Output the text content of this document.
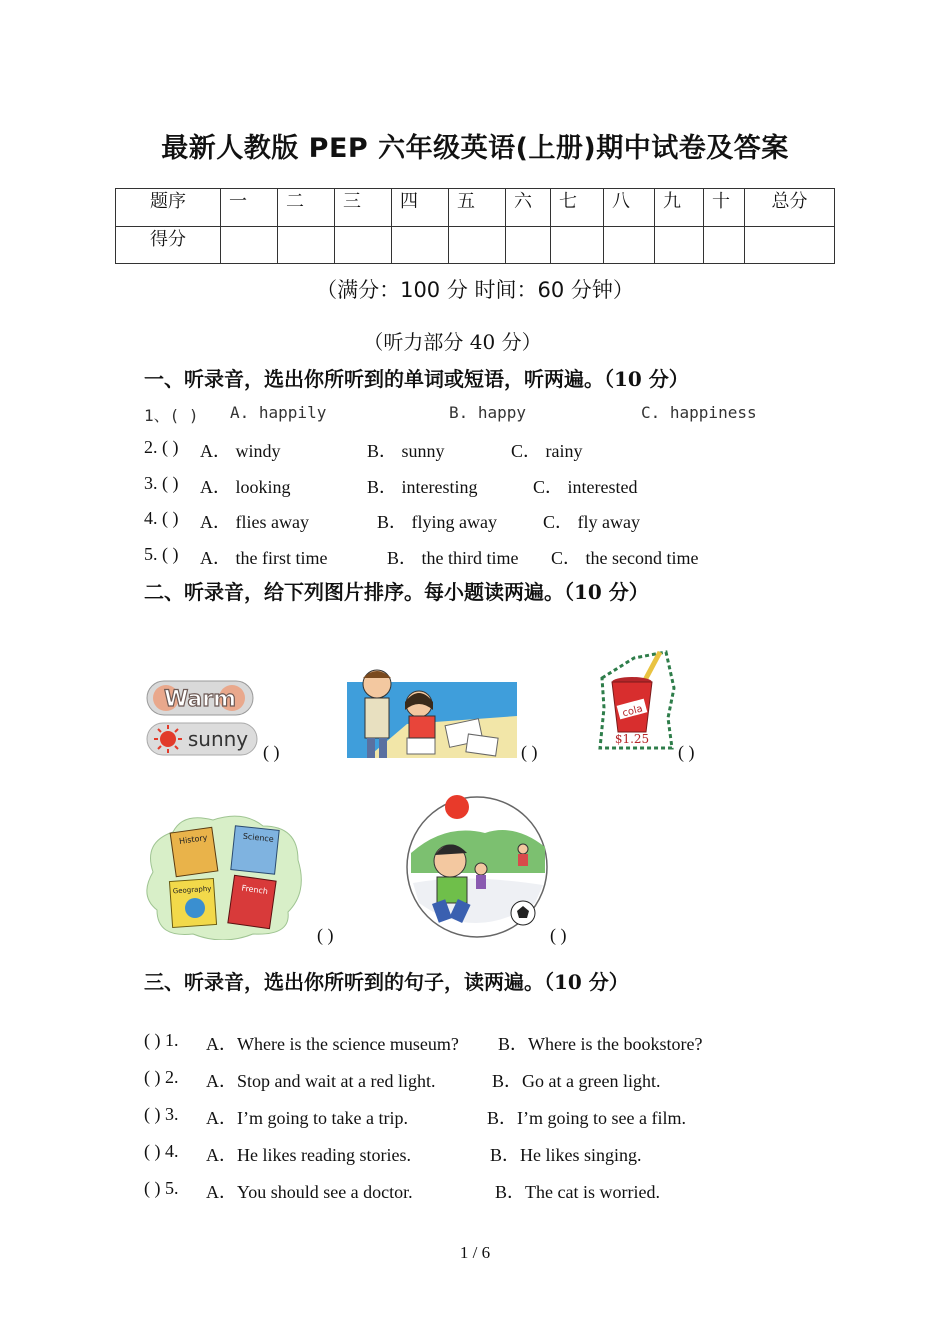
最新人教版 PEP 六年级英语(上册)期中试卷及答案
题序	一	二	三	四	五	六	七	八	九	十	总分
得分											
（满分：100 分 时间：60 分钟）
（听力部分 40 分）
一、听录音，选出你所听到的单词或短语，听两遍。（10 分）
1、( ) A. happily	B. happy	C. happiness
2. ( ) A． windy	B． sunny	C． rainy
3. ( ) A． looking	B． interesting	C． interested
4. ( ) A． flies away	B． flying away	C． fly away
5. ( ) A． the first time	B． the third time C． the second time
二、听录音，给下列图片排序。每小题读两遍。（10 分）
Warm
sunny
( )	( )
cola
$1.25
( )
History	Science
Geography	French
( )	( )
三、听录音，选出你所听到的句子，读两遍。（10 分）
( ) 1. A．Where is the science museum? B．Where is the bookstore?
( ) 2. A．Stop and wait at a red light.	B．Go at a green light.
( ) 3. A．I’m going to take a trip.	B．I’m going to see a film.
( ) 4. A．He likes reading stories.	B．He likes singing.
( ) 5. A．You should see a doctor.	B．The cat is worried.
1 / 6
